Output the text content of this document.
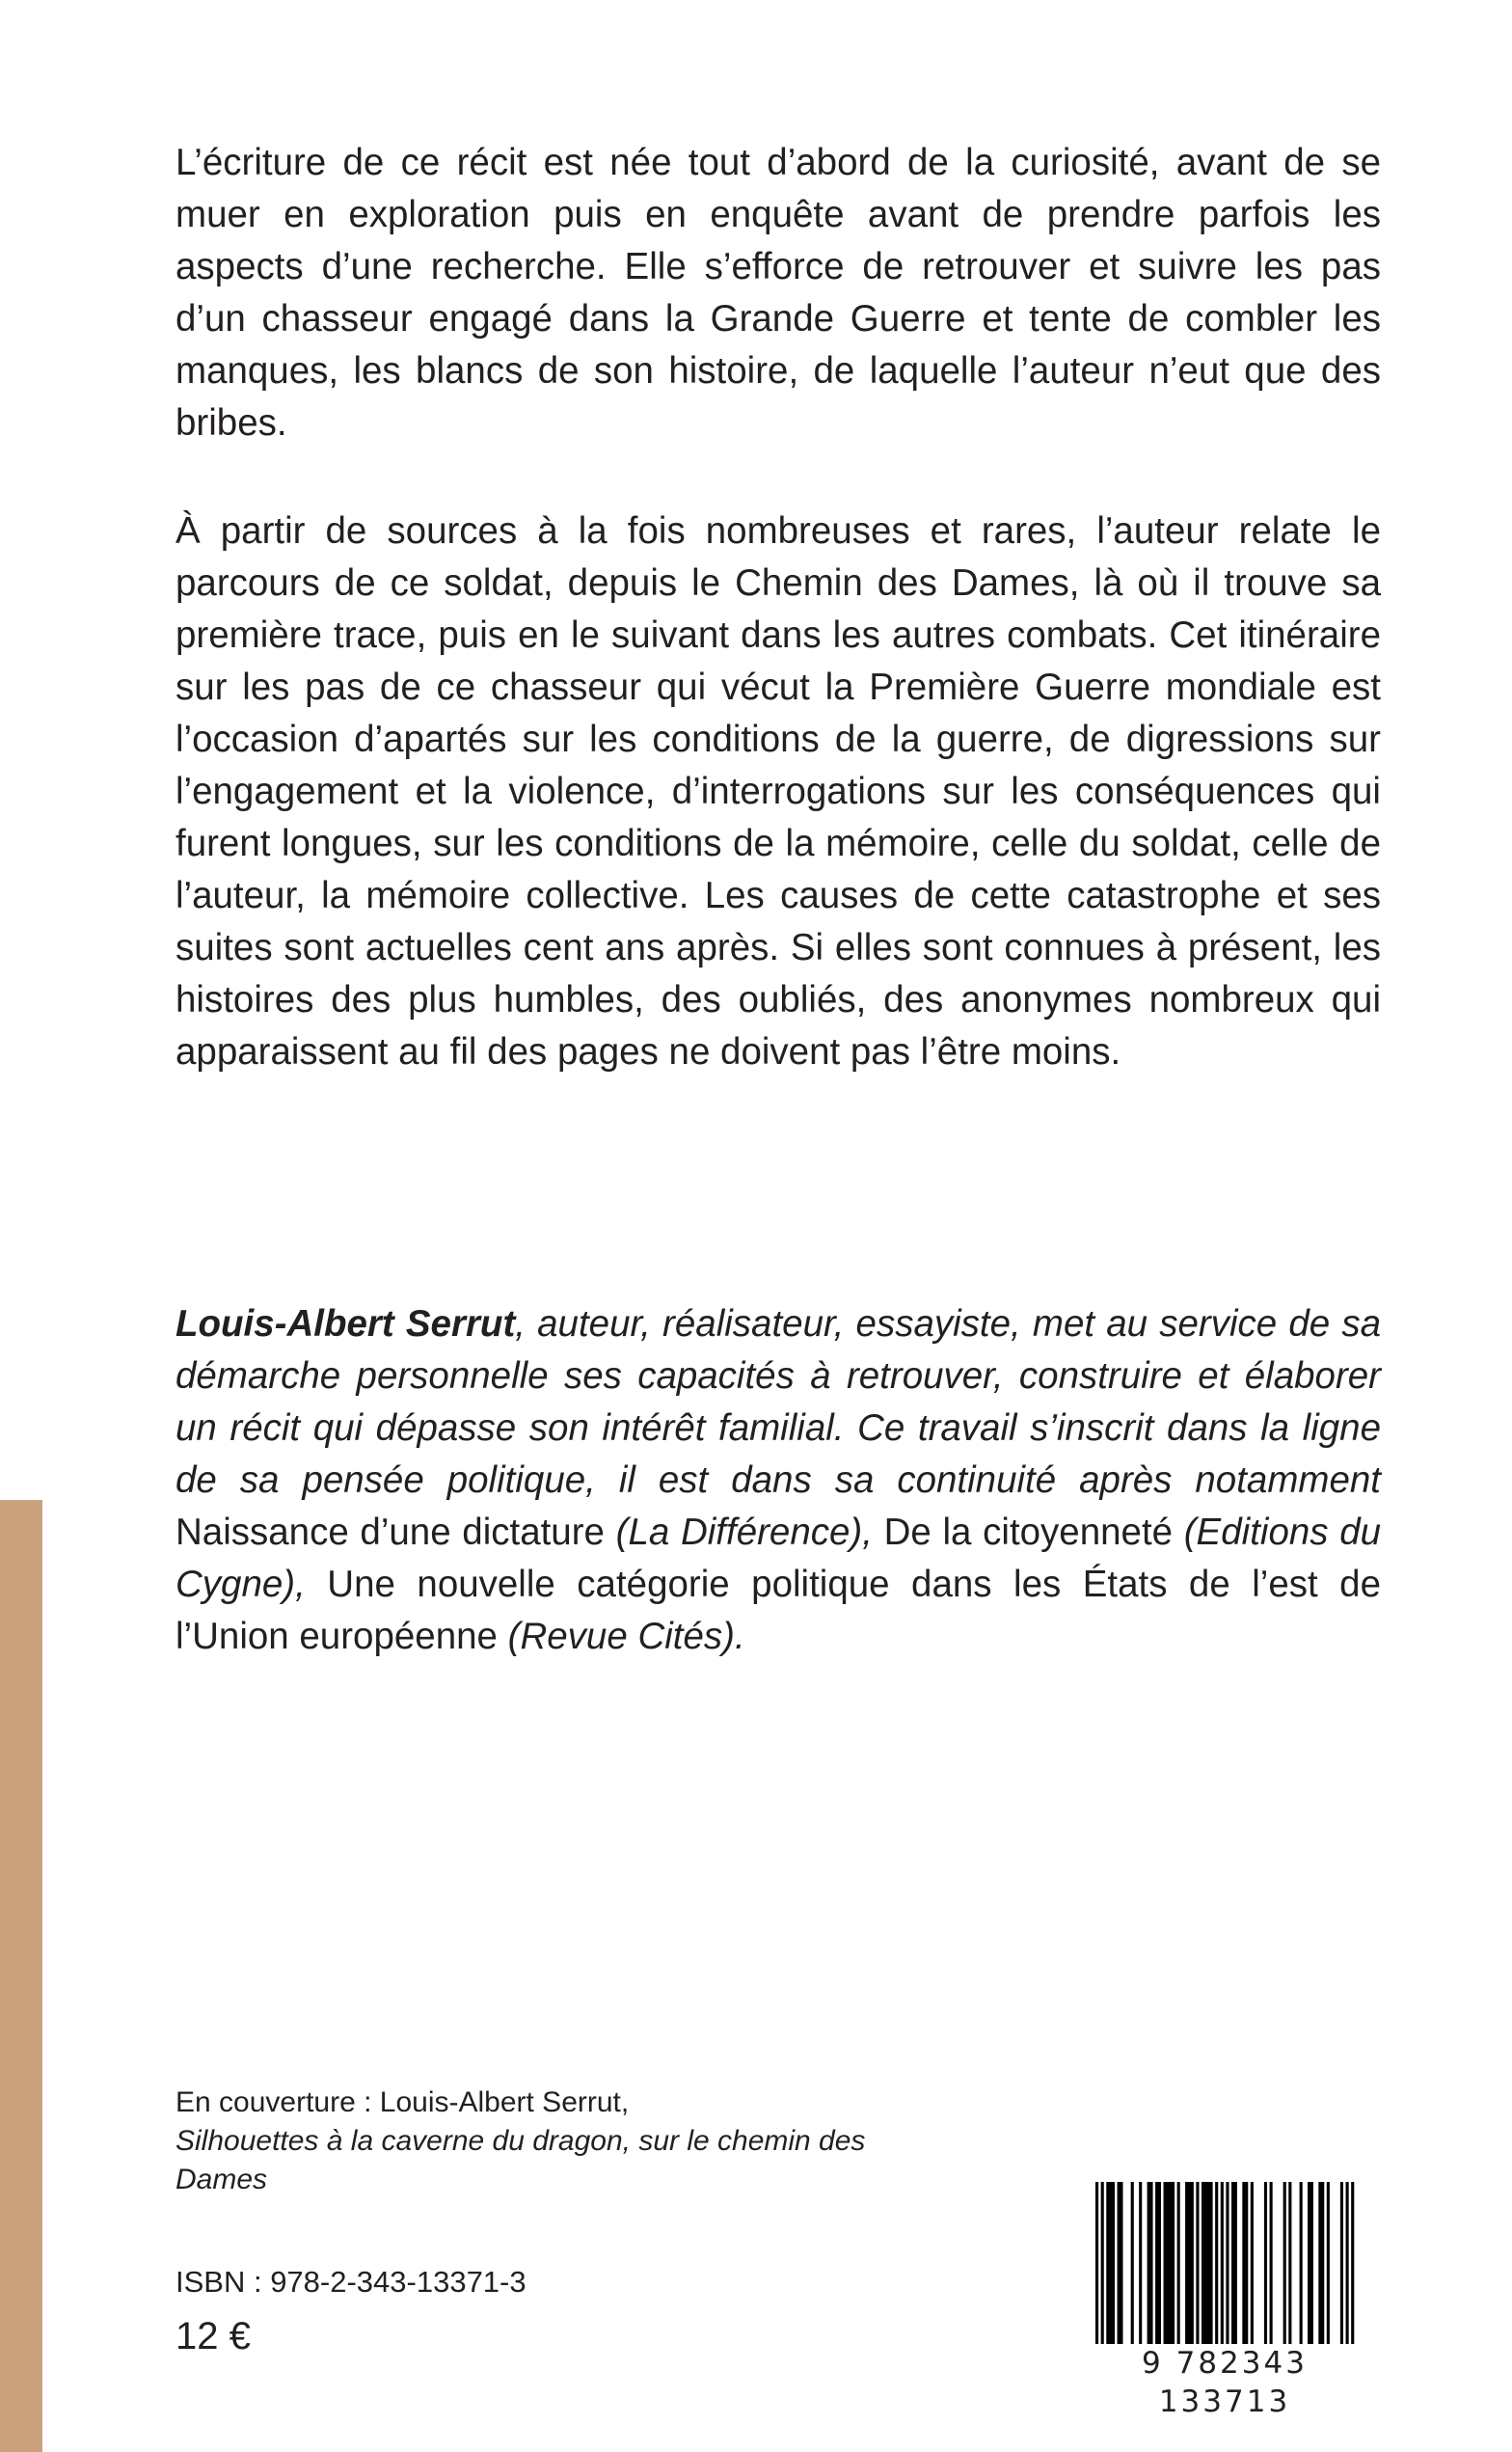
L’écriture de ce récit est née tout d’abord de la curiosité, avant de se muer en exploration puis en enquête avant de prendre parfois les aspects d’une recherche. Elle s’efforce de retrouver et suivre les pas d’un chasseur engagé dans la Grande Guerre et tente de combler les manques, les blancs de son histoire, de laquelle l’auteur n’eut que des bribes.

À partir de sources à la fois nombreuses et rares, l’auteur relate le parcours de ce soldat, depuis le Chemin des Dames, là où il trouve sa première trace, puis en le suivant dans les autres combats. Cet itinéraire sur les pas de ce chasseur qui vécut la Première Guerre mondiale est l’occasion d’apartés sur les conditions de la guerre, de digressions sur l’engagement et la violence, d’interrogations sur les conséquences qui furent longues, sur les conditions de la mémoire, celle du soldat, celle de l’auteur, la mémoire collective. Les causes de cette catastrophe et ses suites sont actuelles cent ans après. Si elles sont connues à présent, les histoires des plus humbles, des oubliés, des anonymes nombreux qui apparaissent au fil des pages ne doivent pas l’être moins.

Louis-Albert Serrut, auteur, réalisateur, essayiste, met au service de sa démarche personnelle ses capacités à retrouver, construire et élaborer un récit qui dépasse son intérêt familial. Ce travail s’inscrit dans la ligne de sa pensée politique, il est dans sa continuité après notamment Naissance d’une dictature (La Différence), De la citoyenneté (Editions du Cygne), Une nouvelle catégorie politique dans les États de l’est de l’Union européenne (Revue Cités).

En couverture : Louis-Albert Serrut,
Silhouettes à la caverne du dragon, sur le chemin des Dames
ISBN : 978-2-343-13371-3
12 €
9 782343 133713
